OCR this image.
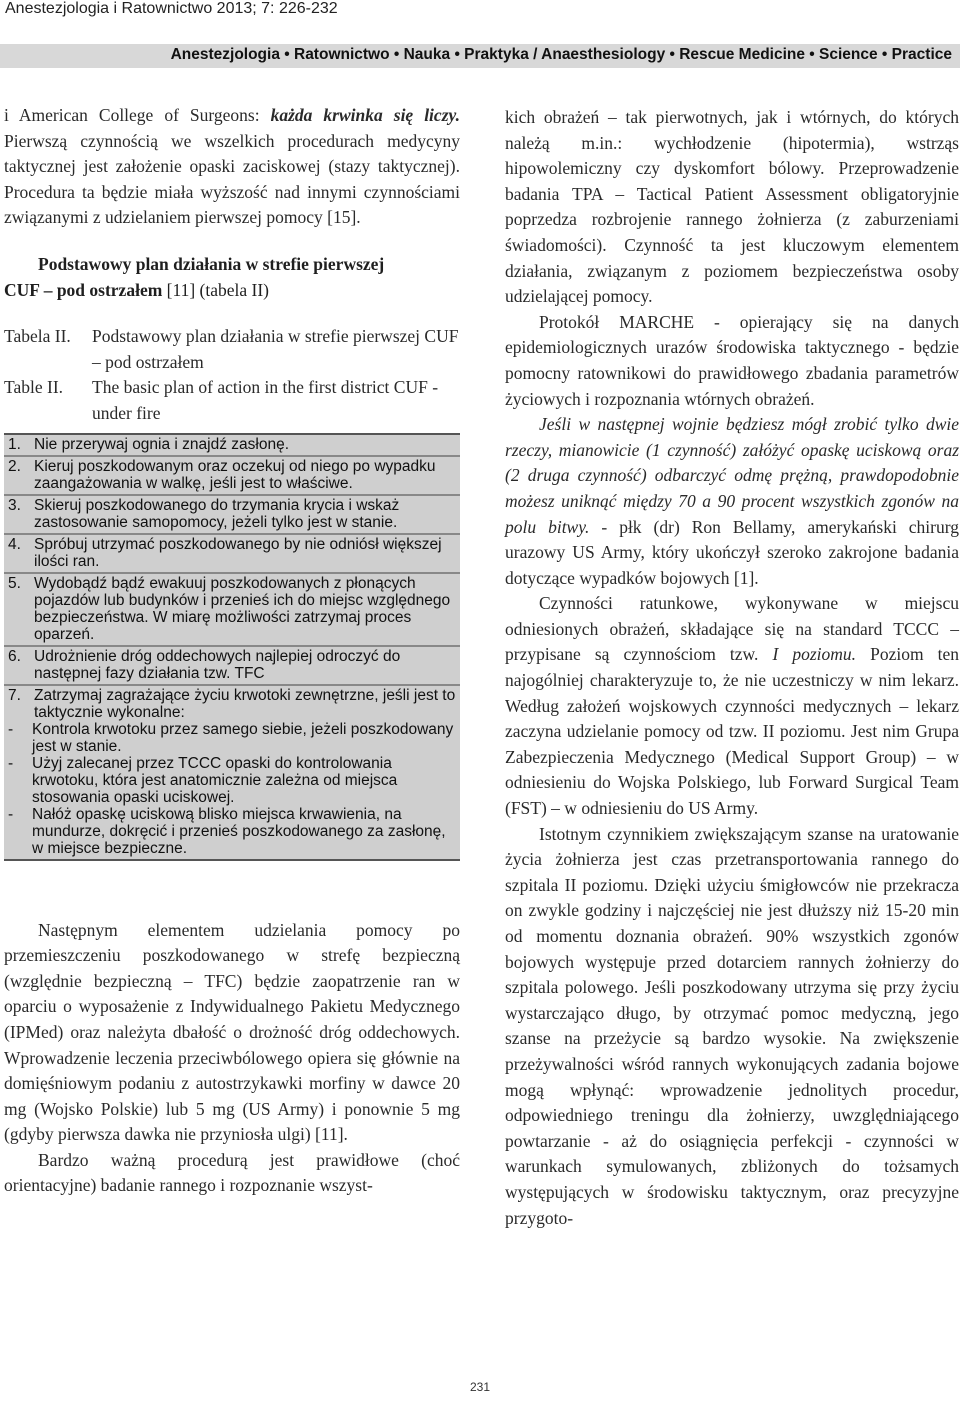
Anestezjologia i Ratownictwo 2013; 7: 226-232
Anestezjologia • Ratownictwo • Nauka • Praktyka / Anaesthesiology • Rescue Medicine • Science • Practice

i American College of Surgeons: każda krwinka się liczy. Pierwszą czynnością we wszelkich procedurach medycyny taktycznej jest założenie opaski zaciskowej (stazy taktycznej). Procedura ta będzie miała wyższość nad innymi czynnościami związanymi z udzielaniem pierwszej pomocy [15].

Podstawowy plan działania w strefie pierwszej
CUF – pod ostrzałem [11] (tabela II)
Tabela II.	Podstawowy plan działania w strefie pierwszej CUF – pod ostrzałem
Table II.	The basic plan of action in the first district CUF - under fire
1. Nie przerywaj ognia i znajdź zasłonę.
2. Kieruj poszkodowanym oraz oczekuj od niego po wypadku zaangażowania w walkę, jeśli jest to właściwe.
3. Skieruj poszkodowanego do trzymania krycia i wskaż zastosowanie samopomocy, jeżeli tylko jest w stanie.
4. Spróbuj utrzymać poszkodowanego by nie odniósł większej ilości ran.
5. Wydobądź bądź ewakuuj poszkodowanych z płonących pojazdów lub budynków i przenieś ich do miejsc względnego bezpieczeństwa. W miarę możliwości zatrzymaj proces oparzeń.
6. Udrożnienie dróg oddechowych najlepiej odroczyć do następnej fazy działania tzw. TFC
7. Zatrzymaj zagrażające życiu krwotoki zewnętrzne, jeśli jest to taktycznie wykonalne:
-	Kontrola krwotoku przez samego siebie, jeżeli poszkodowany jest w stanie.
-	Użyj zalecanej przez TCCC opaski do kontrolowania krwotoku, która jest anatomicznie zależna od miejsca stosowania opaski uciskowej.
-	Nałóż opaskę uciskową blisko miejsca krwawienia, na mundurze, dokręcić i przenieś poszkodowanego za zasłonę, w miejsce bezpieczne.

Następnym elementem udzielania pomocy po przemieszczeniu poszkodowanego w strefę bezpieczną (względnie bezpieczną – TFC) będzie zaopatrzenie ran w oparciu o wyposażenie z Indywidualnego Pakietu Medycznego (IPMed) oraz należyta dbałość o drożność dróg oddechowych. Wprowadzenie leczenia przeciwbólowego opiera się głównie na domięśniowym podaniu z autostrzykawki morfiny w dawce 20 mg (Wojsko Polskie) lub 5 mg (US Army) i ponownie 5 mg (gdyby pierwsza dawka nie przyniosła ulgi) [11].

Bardzo ważną procedurą jest prawidłowe (choć orientacyjne) badanie rannego i rozpoznanie wszyst-

kich obrażeń – tak pierwotnych, jak i wtórnych, do których należą m.in.: wychłodzenie (hipotermia), wstrząs hipowolemiczny czy dyskomfort bólowy. Przeprowadzenie badania TPA – Tactical Patient Assessment obligatoryjnie poprzedza rozbrojenie rannego żołnierza (z zaburzeniami świadomości). Czynność ta jest kluczowym elementem działania, związanym z poziomem bezpieczeństwa osoby udzielającej pomocy.

Protokół MARCHE - opierający się na danych epidemiologicznych urazów środowiska taktycznego - będzie pomocny ratownikowi do prawidłowego zbadania parametrów życiowych i rozpoznania wtórnych obrażeń.

Jeśli w następnej wojnie będziesz mógł zrobić tylko dwie rzeczy, mianowicie (1 czynność) załóżyć opaskę uciskową oraz (2 druga czynność) odbarczyć odmę prężną, prawdopodobnie możesz uniknąć między 70 a 90 procent wszystkich zgonów na polu bitwy. - płk (dr) Ron Bellamy, amerykański chirurg urazowy US Army, który ukończył szeroko zakrojone badania dotyczące wypadków bojowych [1].

Czynności ratunkowe, wykonywane w miejscu odniesionych obrażeń, składające się na standard TCCC – przypisane są czynnościom tzw. I poziomu. Poziom ten najogólniej charakteryzuje to, że nie uczestniczy w nim lekarz. Według założeń wojskowych czynności medycznych – lekarz zaczyna udzielanie pomocy od tzw. II poziomu. Jest nim Grupa Zabezpieczenia Medycznego (Medical Support Group) – w odniesieniu do Wojska Polskiego, lub Forward Surgical Team (FST) – w odniesieniu do US Army.

Istotnym czynnikiem zwiększającym szanse na uratowanie życia żołnierza jest czas przetransportowania rannego do szpitala II poziomu. Dzięki użyciu śmigłowców nie przekracza on zwykle godziny i najczęściej nie jest dłuższy niż 15-20 min od momentu doznania obrażeń. 90% wszystkich zgonów bojowych występuje przed dotarciem rannych żołnierzy do szpitala polowego. Jeśli poszkodowany utrzyma się przy życiu wystarczająco długo, by otrzymać pomoc medyczną, jego szanse na przeżycie są bardzo wysokie. Na zwiększenie przeżywalności wśród rannych wykonujących zadania bojowe mogą wpłynąć: wprowadzenie jednolitych procedur, odpowiedniego treningu dla żołnierzy, uwzględniającego powtarzanie - aż do osiągnięcia perfekcji - czynności w warunkach symulowanych, zbliżonych do tożsamych występujących w środowisku taktycznym, oraz precyzyjne przygoto-

231
